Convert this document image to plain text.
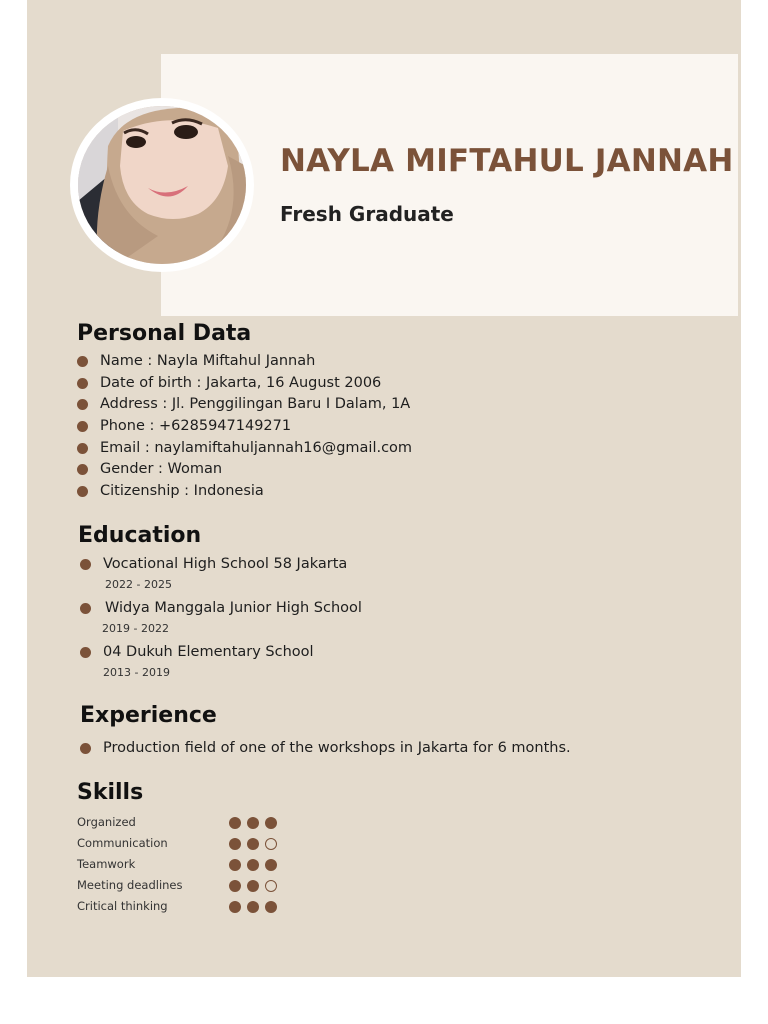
NAYLA MIFTAHUL JANNAH
Fresh Graduate
Personal Data
Name : Nayla Miftahul Jannah
Date of birth : Jakarta, 16 August 2006
Address : Jl. Penggilingan Baru I Dalam, 1A
Phone : +6285947149271
Email : naylamiftahuljannah16@gmail.com
Gender : Woman
Citizenship : Indonesia
Education
Vocational High School 58 Jakarta
2022 - 2025
Widya Manggala Junior High School
2019 - 2022
04 Dukuh Elementary School
2013 - 2019
Experience
Production field of one of the workshops in Jakarta for 6 months.
Skills
Organized
Communication
Teamwork
Meeting deadlines
Critical thinking
